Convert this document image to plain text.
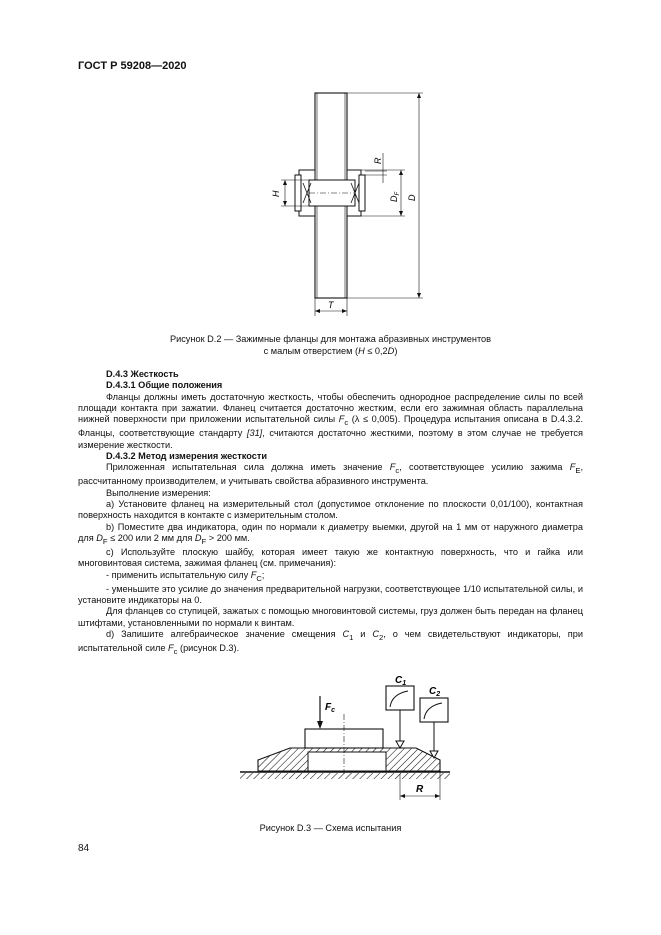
ГОСТ Р 59208—2020
H
R
$D_F$
D
T
Рисунок D.2 — Зажимные фланцы для монтажа абразивных инструментов
с малым отверстием (H ≤ 0,2D)
D.4.3 Жесткость
D.4.3.1 Общие положения

Фланцы должны иметь достаточную жесткость, чтобы обеспечить однородное распределение силы по всей площади контакта при зажатии. Фланец считается достаточно жестким, если его зажимная область параллельна нижней поверхности при приложении испытательной силы $F_c$ (λ ≤ 0,005). Процедура испытания описана в D.4.3.2. Фланцы, соответствующие стандарту [31], считаются достаточно жесткими, поэтому в этом случае не требуется измерение жесткости.

D.4.3.2 Метод измерения жесткости

Приложенная испытательная сила должна иметь значение $F_c$, соответствующее усилию зажима $F_E$, рассчитанному производителем, и учитывать свойства абразивного инструмента.

Выполнение измерения:

a) Установите фланец на измерительный стол (допустимое отклонение по плоскости 0,01/100), контактная поверхность находится в контакте с измерительным столом.

b) Поместите два индикатора, один по нормали к диаметру выемки, другой на 1 мм от наружного диаметра для $D_F \le 200$ или 2 мм для $D_F > 200$ мм.

c) Используйте плоскую шайбу, которая имеет такую же контактную поверхность, что и гайка или многовинтовая система, зажимая фланец (см. примечания):

- применить испытательную силу $F_C$;

- уменьшите это усилие до значения предварительной нагрузки, соответствующее 1/10 испытательной силы, и установите индикаторы на 0.

Для фланцев со ступицей, зажатых с помощью многовинтовой системы, груз должен быть передан на фланец штифтами, установленными по нормали к винтам.

d) Запишите алгебраическое значение смещения $C_1$ и $C_2$, о чем свидетельствуют индикаторы, при испытательной силе $F_c$ (рисунок D.3).

$F_c$
$C_1$
$C_2$
R
Рисунок D.3 — Схема испытания
84
